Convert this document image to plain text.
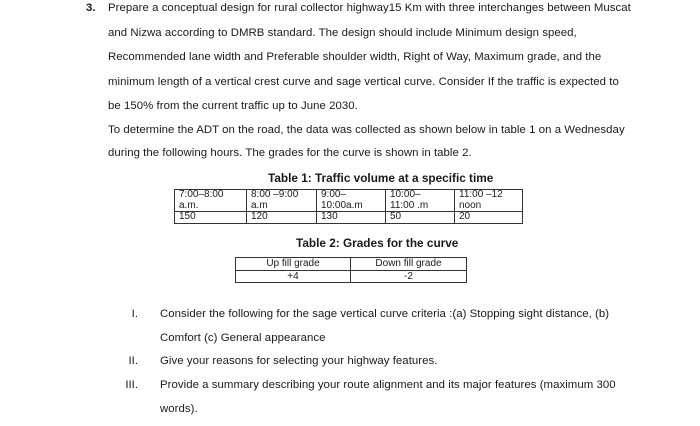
3. Prepare a conceptual design for rural collector highway15 Km with three interchanges between Muscat
and Nizwa according to DMRB standard. The design should include Minimum design speed,
Recommended lane width and Preferable shoulder width, Right of Way, Maximum grade, and the
minimum length of a vertical crest curve and sage vertical curve. Consider If the traffic is expected to
be 150% from the current traffic up to June 2030.
To determine the ADT on the road, the data was collected as shown below in table 1 on a Wednesday
during the following hours. The grades for the curve is shown in table 2.
Table 1: Traffic volume at a specific time
7:00–8:00	8:00 –9:00	9:00–	10:00–	11:00 –12
a.m.	a.m	10:00a.m	11:00 .m	noon
150	120	130	50	20
Table 2: Grades for the curve
Up fill grade	Down fill grade
+4	-2
I. Consider the following for the sage vertical curve criteria :(a) Stopping sight distance, (b)
Comfort (c) General appearance
II. Give your reasons for selecting your highway features.
III. Provide a summary describing your route alignment and its major features (maximum 300
words).
